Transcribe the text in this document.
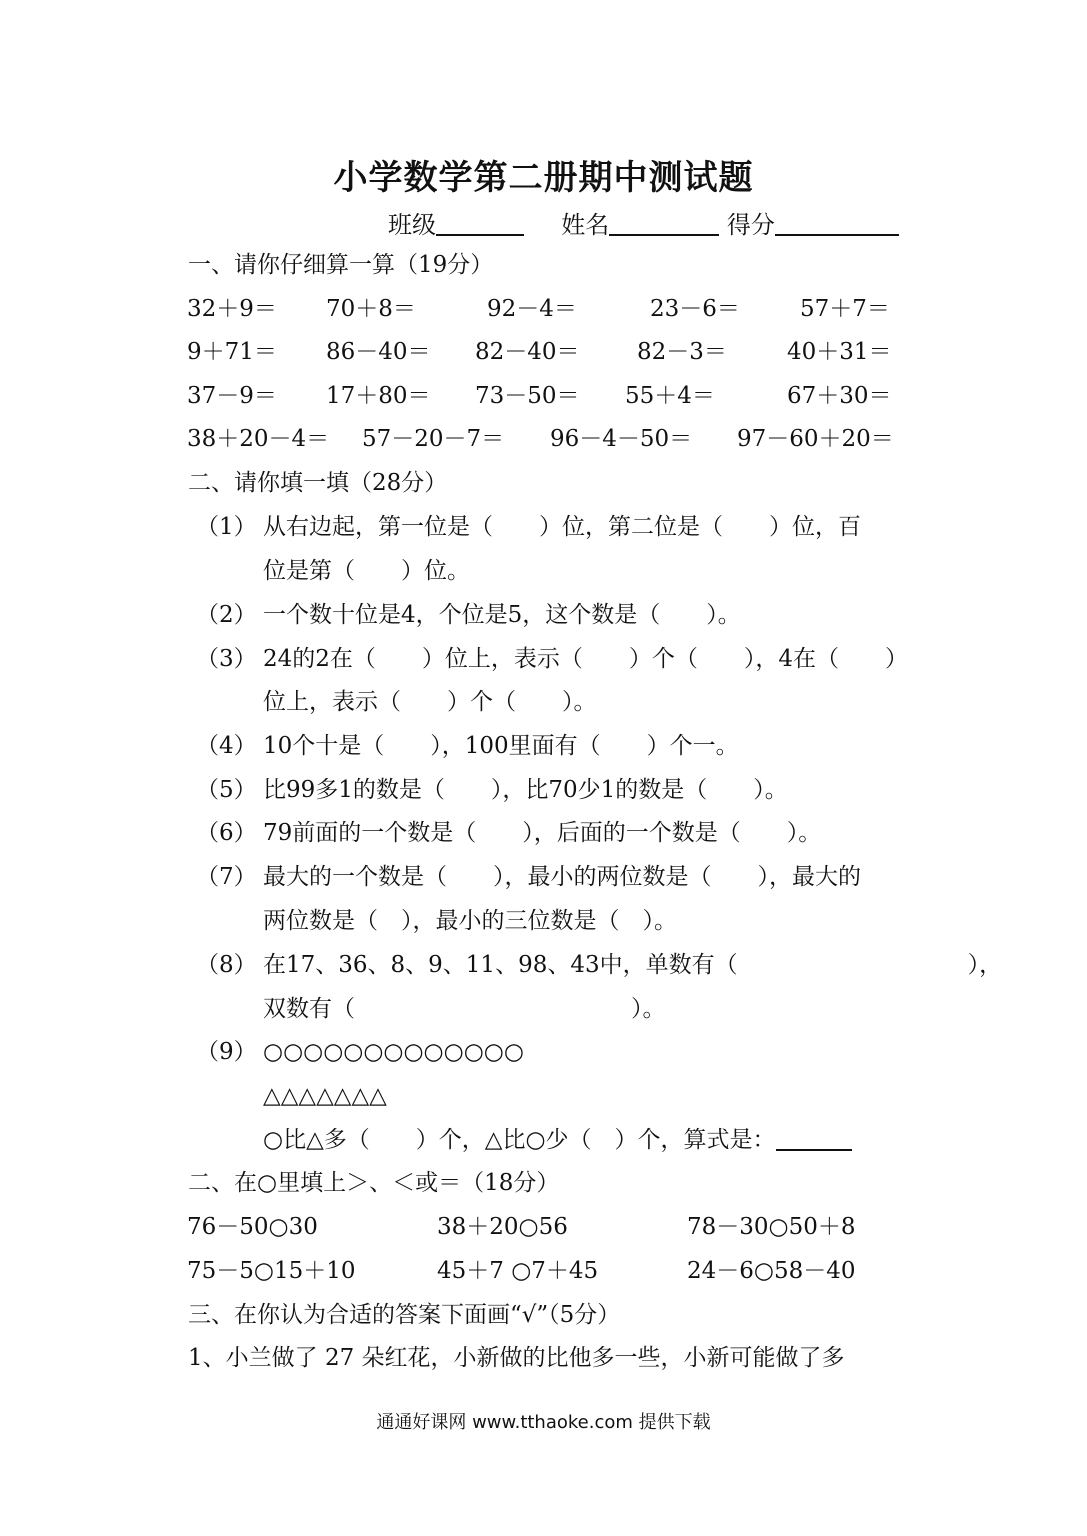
小学数学第二册期中测试题
班级	姓名	得分
一、请你仔细算一算（19分）
32＋9＝ 70＋8＝	92－4＝	23－6＝	57＋7＝
9＋71＝ 86－40＝ 82－40＝ 82－3＝	40＋31＝
37－9＝ 17＋80＝ 73－50＝ 55＋4＝	67＋30＝
38＋20－4＝ 57－20－7＝ 96－4－50＝ 97－60＋20＝
二、请你填一填（28分）
（1） 从右边起，第一位是（　　）位，第二位是（　　）位，百
位是第（　　）位。
（2） 一个数十位是4，个位是5，这个数是（　　）。
（3） 24的2在（　　）位上，表示（　　）个（　　），4在（　　）
位上，表示（　　）个（　　）。
（4） 10个十是（　　），100里面有（　　）个一。
（5） 比99多1的数是（　　），比70少1的数是（　　）。
（6） 79前面的一个数是（　　），后面的一个数是（　　）。
（7） 最大的一个数是（　　），最小的两位数是（　　），最大的
两位数是（　），最小的三位数是（　）。
（8） 在17、36、8、9、11、98、43中，单数有（　　　　　　　　　　），
双数有（　　　　　　　　　　　　）。
（9） ○○○○○○○○○○○○○
△△△△△△△
○比△多（　　）个，△比○少（　）个，算式是：
二、在○里填上＞、＜或＝（18分）
76－50○30	38＋20○56	78－30○50＋8
75－5○15＋10	45＋7 ○7＋45	24－6○58－40
三、在你认为合适的答案下面画“√”（5分）
1、小兰做了 27 朵红花，小新做的比他多一些，小新可能做了多
通通好课网 www.tthaoke.com 提供下载
